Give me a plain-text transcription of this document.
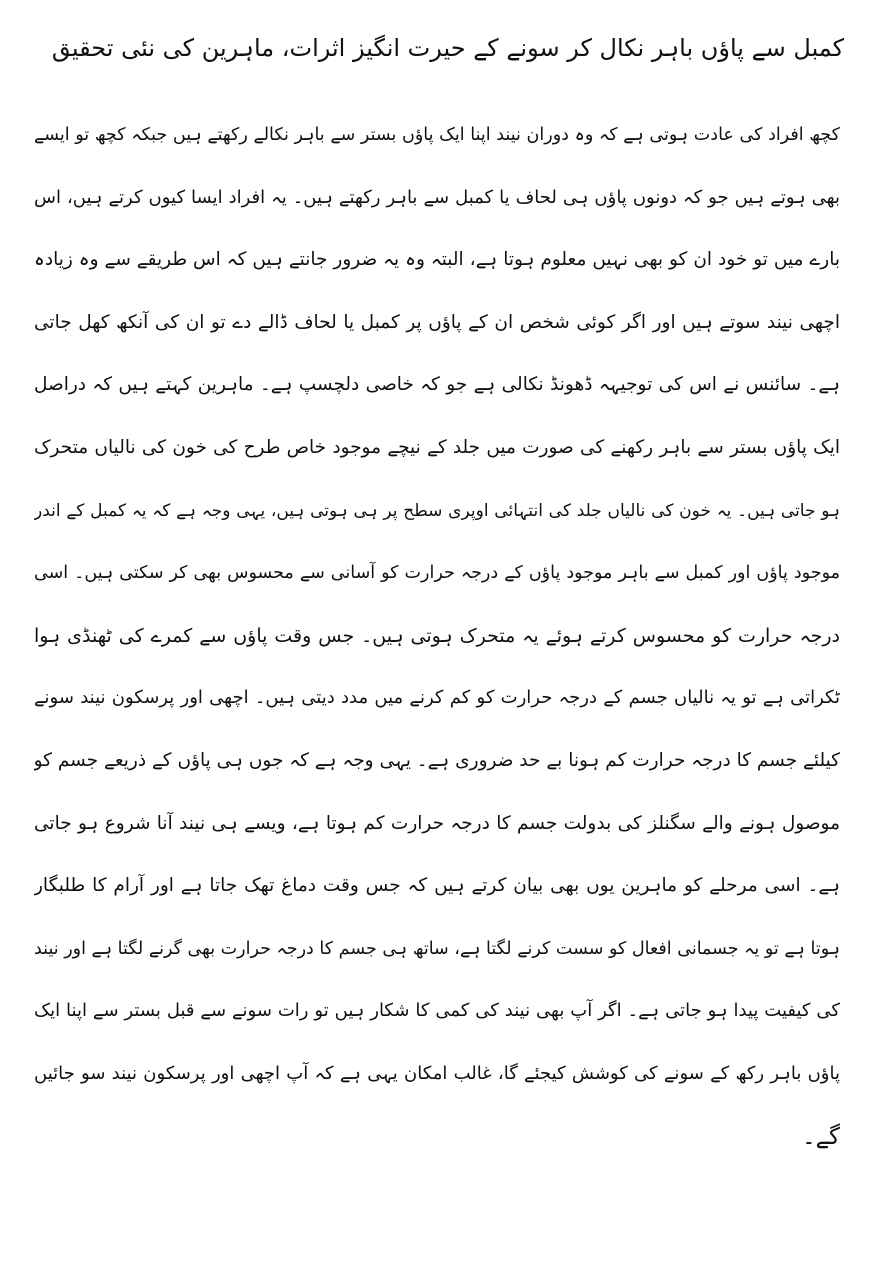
کمبل سے پاؤں باہر نکال کر سونے کے حیرت انگیز اثرات، ماہرین کی نئی تحقیق
کچھ افراد کی عادت ہوتی ہے کہ وہ دوران نیند اپنا ایک پاؤں بستر سے باہر نکالے رکھتے ہیں جبکہ کچھ تو ایسے
بھی ہوتے ہیں جو کہ دونوں پاؤں ہی لحاف یا کمبل سے باہر رکھتے ہیں۔ یہ افراد ایسا کیوں کرتے ہیں، اس
بارے میں تو خود ان کو بھی نہیں معلوم ہوتا ہے، البتہ وہ یہ ضرور جانتے ہیں کہ اس طریقے سے وہ زیادہ
اچھی نیند سوتے ہیں اور اگر کوئی شخص ان کے پاؤں پر کمبل یا لحاف ڈالے دے تو ان کی آنکھ کھل جاتی
ہے۔ سائنس نے اس کی توجیہہ ڈھونڈ نکالی ہے جو کہ خاصی دلچسپ ہے۔ ماہرین کہتے ہیں کہ دراصل
ایک پاؤں بستر سے باہر رکھنے کی صورت میں جلد کے نیچے موجود خاص طرح کی خون کی نالیاں متحرک
ہو جاتی ہیں۔ یہ خون کی نالیاں جلد کی انتہائی اوپری سطح پر ہی ہوتی ہیں، یہی وجہ ہے کہ یہ کمبل کے اندر
موجود پاؤں اور کمبل سے باہر موجود پاؤں کے درجہ حرارت کو آسانی سے محسوس بھی کر سکتی ہیں۔ اسی
درجہ حرارت کو محسوس کرتے ہوئے یہ متحرک ہوتی ہیں۔ جس وقت پاؤں سے کمرے کی ٹھنڈی ہوا
ٹکراتی ہے تو یہ نالیاں جسم کے درجہ حرارت کو کم کرنے میں مدد دیتی ہیں۔ اچھی اور پرسکون نیند سونے
کیلئے جسم کا درجہ حرارت کم ہونا بے حد ضروری ہے۔ یہی وجہ ہے کہ جوں ہی پاؤں کے ذریعے جسم کو
موصول ہونے والے سگنلز کی بدولت جسم کا درجہ حرارت کم ہوتا ہے، ویسے ہی نیند آنا شروع ہو جاتی
ہے۔ اسی مرحلے کو ماہرین یوں بھی بیان کرتے ہیں کہ جس وقت دماغ تھک جاتا ہے اور آرام کا طلبگار
ہوتا ہے تو یہ جسمانی افعال کو سست کرنے لگتا ہے، ساتھ ہی جسم کا درجہ حرارت بھی گرنے لگتا ہے اور نیند
کی کیفیت پیدا ہو جاتی ہے۔ اگر آپ بھی نیند کی کمی کا شکار ہیں تو رات سونے سے قبل بستر سے اپنا ایک
پاؤں باہر رکھ کے سونے کی کوشش کیجئے گا، غالب امکان یہی ہے کہ آپ اچھی اور پرسکون نیند سو جائیں
گے۔
